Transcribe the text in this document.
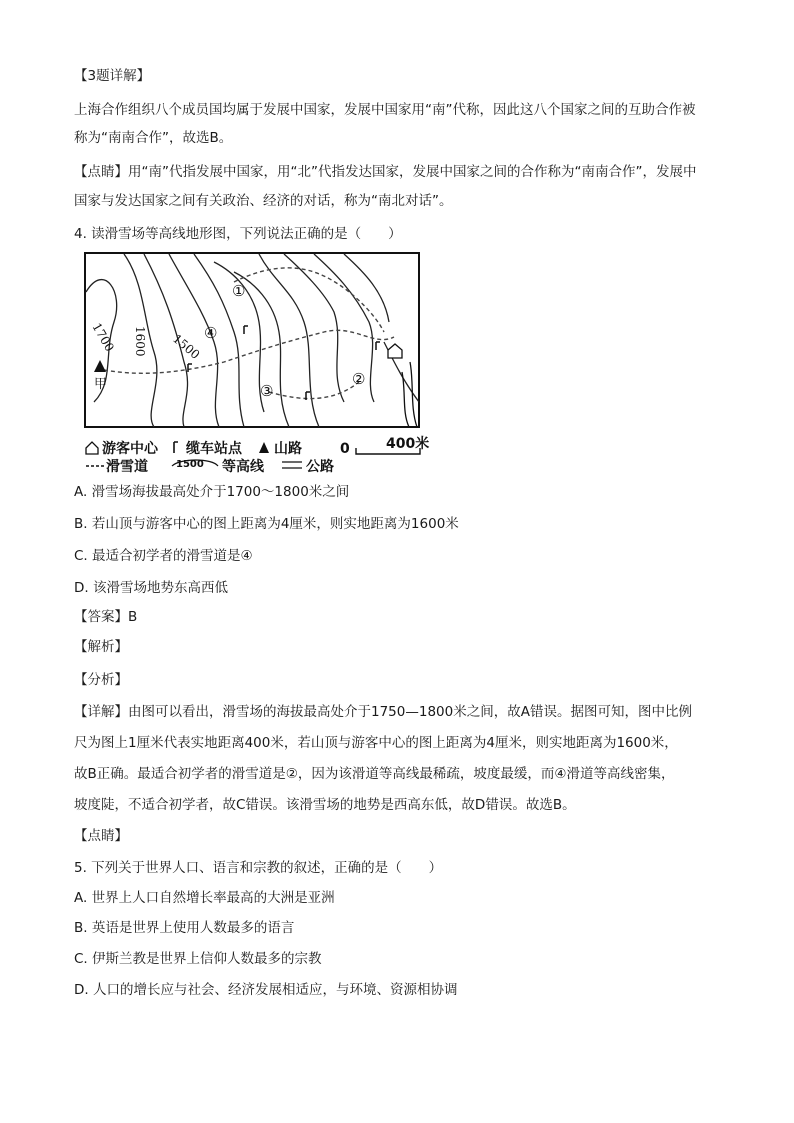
【3题详解】
上海合作组织八个成员国均属于发展中国家，发展中国家用“南”代称，因此这八个国家之间的互助合作被
称为“南南合作”，故选B。
【点睛】用“南”代指发展中国家，用“北”代指发达国家，发展中国家之间的合作称为“南南合作”，发展中
国家与发达国家之间有关政治、经济的对话，称为“南北对话”。
4. 读滑雪场等高线地形图，下列说法正确的是（　　）
①
④
③
②
1700 1600 1500
甲
游客中心 缆车站点 山路	0	400米
滑雪道	1500 等高线	公路
A. 滑雪场海拔最高处介于1700～1800米之间
B. 若山顶与游客中心的图上距离为4厘米，则实地距离为1600米
C. 最适合初学者的滑雪道是④
D. 该滑雪场地势东高西低
【答案】B
【解析】
【分析】
【详解】由图可以看出，滑雪场的海拔最高处介于1750—1800米之间，故A错误。据图可知，图中比例
尺为图上1厘米代表实地距离400米，若山顶与游客中心的图上距离为4厘米，则实地距离为1600米，
故B正确。最适合初学者的滑雪道是②，因为该滑道等高线最稀疏，坡度最缓，而④滑道等高线密集，
坡度陡，不适合初学者，故C错误。该滑雪场的地势是西高东低，故D错误。故选B。
【点睛】
5. 下列关于世界人口、语言和宗教的叙述，正确的是（　　）
A. 世界上人口自然增长率最高的大洲是亚洲
B. 英语是世界上使用人数最多的语言
C. 伊斯兰教是世界上信仰人数最多的宗教
D. 人口的增长应与社会、经济发展相适应，与环境、资源相协调
